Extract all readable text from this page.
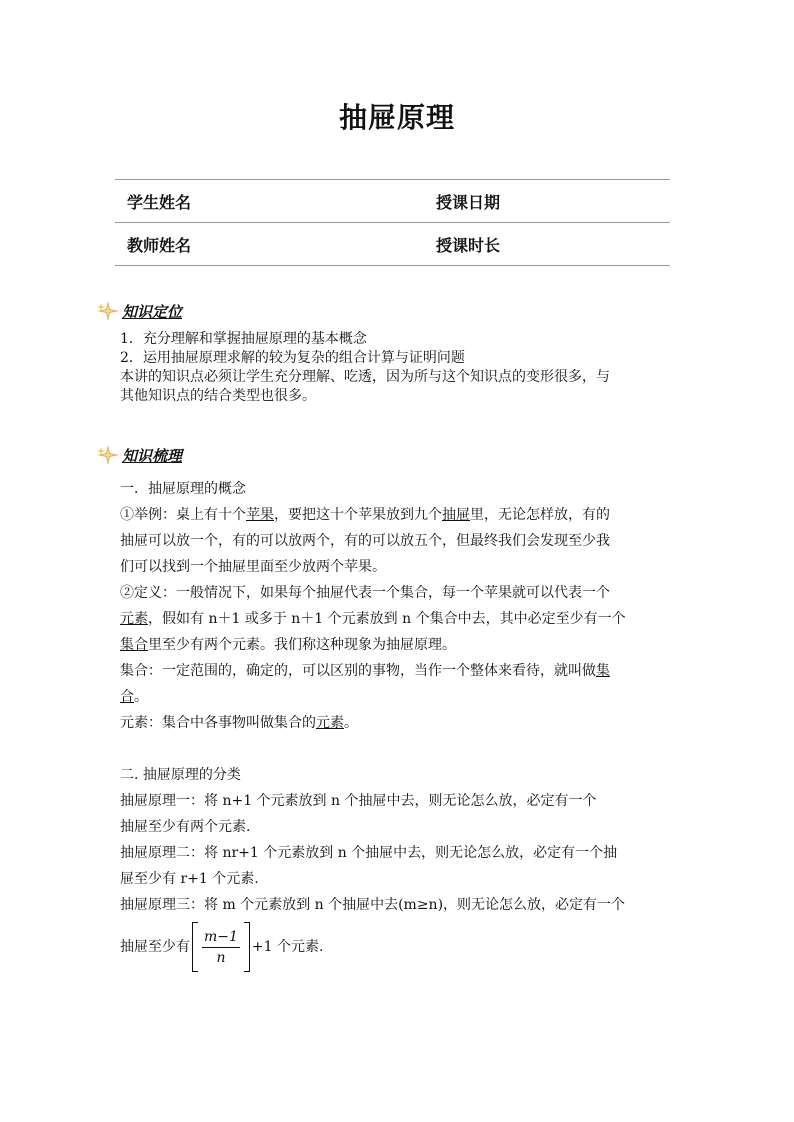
抽屉原理
学生姓名	授课日期
教师姓名	授课时长
知识定位

1．充分理解和掌握抽屉原理的基本概念

2．运用抽屉原理求解的较为复杂的组合计算与证明问题

本讲的知识点必须让学生充分理解、吃透，因为所与这个知识点的变形很多，与

其他知识点的结合类型也很多。

知识梳理

一．抽屉原理的概念

①举例：桌上有十个苹果，要把这十个苹果放到九个抽屉里，无论怎样放，有的

抽屉可以放一个，有的可以放两个，有的可以放五个，但最终我们会发现至少我

们可以找到一个抽屉里面至少放两个苹果。

②定义：一般情况下，如果每个抽屉代表一个集合，每一个苹果就可以代表一个

元素，假如有 n＋1 或多于 n＋1 个元素放到 n 个集合中去，其中必定至少有一个

集合里至少有两个元素。我们称这种现象为抽屉原理。

集合：一定范围的，确定的，可以区别的事物，当作一个整体来看待，就叫做集

合。

元素：集合中各事物叫做集合的元素。

二. 抽屉原理的分类

抽屉原理一：将 n+1 个元素放到 n 个抽屉中去，则无论怎么放，必定有一个

抽屉至少有两个元素.

抽屉原理二：将 nr+1 个元素放到 n 个抽屉中去，则无论怎么放，必定有一个抽

屉至少有 r+1 个元素.

抽屉原理三：将 m 个元素放到 n 个抽屉中去(m≥n)，则无论怎么放，必定有一个

抽屉至少有 $\frac{m-1}{n} +1$ 个元素.
